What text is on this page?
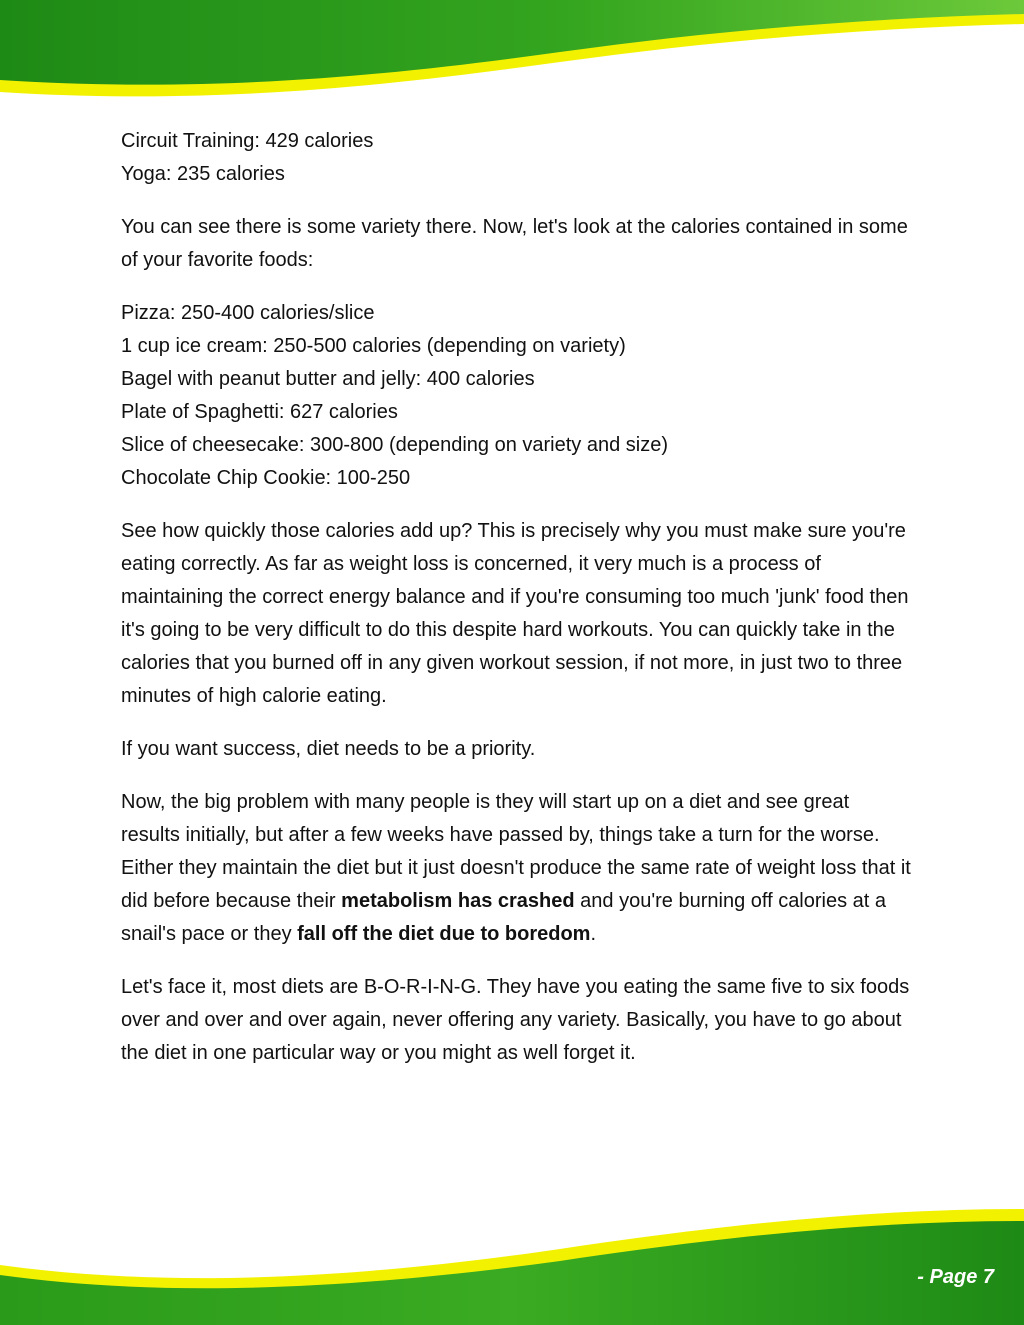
Circuit Training: 429 calories
Yoga: 235 calories

You can see there is some variety there. Now, let's look at the calories contained in some of your favorite foods:

Pizza: 250-400 calories/slice
1 cup ice cream: 250-500 calories (depending on variety)
Bagel with peanut butter and jelly: 400 calories
Plate of Spaghetti: 627 calories
Slice of cheesecake: 300-800 (depending on variety and size)
Chocolate Chip Cookie: 100-250

See how quickly those calories add up? This is precisely why you must make sure you're eating correctly. As far as weight loss is concerned, it very much is a process of maintaining the correct energy balance and if you're consuming too much 'junk' food then it's going to be very difficult to do this despite hard workouts. You can quickly take in the calories that you burned off in any given workout session, if not more, in just two to three minutes of high calorie eating.

If you want success, diet needs to be a priority.

Now, the big problem with many people is they will start up on a diet and see great results initially, but after a few weeks have passed by, things take a turn for the worse. Either they maintain the diet but it just doesn't produce the same rate of weight loss that it did before because their metabolism has crashed and you're burning off calories at a snail's pace or they fall off the diet due to boredom.

Let's face it, most diets are B-O-R-I-N-G. They have you eating the same five to six foods over and over and over again, never offering any variety. Basically, you have to go about the diet in one particular way or you might as well forget it.

- Page 7
